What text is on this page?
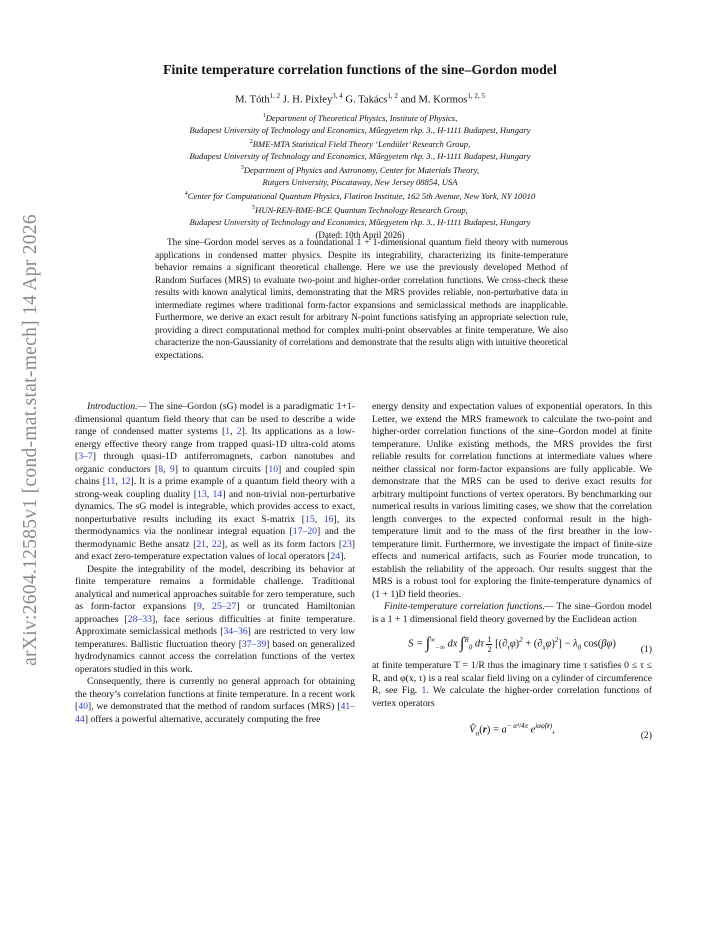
arXiv:2604.12585v1 [cond-mat.stat-mech] 14 Apr 2026

Finite temperature correlation functions of the sine–Gordon model

M. Tóth$^{1, 2}$ J. H. Pixley$^{3, 4}$ G. Takács$^{1, 2}$ and M. Kormos$^{1, 2, 5}$

$^1$Department of Theoretical Physics, Institute of Physics,

Budapest University of Technology and Economics, Műegyetem rkp. 3., H-1111 Budapest, Hungary

$^2$BME-MTA Statistical Field Theory ‘Lendület’ Research Group,

Budapest University of Technology and Economics, Műegyetem rkp. 3., H-1111 Budapest, Hungary

$^3$Department of Physics and Astronomy, Center for Materials Theory,

Rutgers University, Piscataway, New Jersey 08854, USA

$^4$Center for Computational Quantum Physics, Flatiron Institute, 162 5th Avenue, New York, NY 10010

$^5$HUN-REN-BME-BCE Quantum Technology Research Group,

Budapest University of Technology and Economics, Műegyetem rkp. 3., H-1111 Budapest, Hungary

(Dated: 10th April 2026)

The sine–Gordon model serves as a foundational 1 + 1-dimensional quantum field theory with numerous applications in condensed matter physics. Despite its integrability, characterizing its finite-temperature behavior remains a significant theoretical challenge. Here we use the previously developed Method of Random Surfaces (MRS) to evaluate two-point and higher-order correlation functions. We cross-check these results with known analytical limits, demonstrating that the MRS provides reliable, non-perturbative data in intermediate regimes where traditional form-factor expansions and semiclassical methods are inapplicable. Furthermore, we derive an exact result for arbitrary N-point functions satisfying an appropriate selection rule, providing a direct computational method for complex multi-point observables at finite temperature. We also characterize the non-Gaussianity of correlations and demonstrate that the results align with intuitive theoretical expectations.

Introduction.— The sine–Gordon (sG) model is a paradigmatic 1+1-dimensional quantum field theory that can be used to describe a wide range of condensed matter systems [1, 2]. Its applications as a low-energy effective theory range from trapped quasi-1D ultra-cold atoms [3–7] through quasi-1D antiferromagnets, carbon nanotubes and organic conductors [8, 9] to quantum circuits [10] and coupled spin chains [11, 12]. It is a prime example of a quantum field theory with a strong-weak coupling duality [13, 14] and non-trivial non-perturbative dynamics. The sG model is integrable, which provides access to exact, nonperturbative results including its exact S-matrix [15, 16], its thermodynamics via the nonlinear integral equation [17–20] and the thermodynamic Bethe ansatz [21, 22], as well as its form factors [23] and exact zero-temperature expectation values of local operators [24].

Despite the integrability of the model, describing its behavior at finite temperature remains a formidable challenge. Traditional analytical and numerical approaches suitable for zero temperature, such as form-factor expansions [9, 25–27] or truncated Hamiltonian approaches [28–33], face serious difficulties at finite temperature. Approximate semiclassical methods [34–36] are restricted to very low temperatures. Ballistic fluctuation theory [37–39] based on generalized hydrodynamics cannot access the correlation functions of the vertex operators studied in this work.

Consequently, there is currently no general approach for obtaining the theory’s correlation functions at finite temperature. In a recent work [40], we demonstrated that the method of random surfaces (MRS) [41–44] offers a powerful alternative, accurately computing the free

energy density and expectation values of exponential operators. In this Letter, we extend the MRS framework to calculate the two-point and higher-order correlation functions of the sine–Gordon model at finite temperature. Unlike existing methods, the MRS provides the first reliable results for correlation functions at intermediate values where neither classical nor form-factor expansions are fully applicable. We demonstrate that the MRS can be used to derive exact results for arbitrary multipoint functions of vertex operators. By benchmarking our numerical results in various limiting cases, we show that the correlation length converges to the expected conformal result in the high-temperature limit and to the mass of the first breather in the low-temperature limit. Furthermore, we investigate the impact of finite-size effects and numerical artifacts, such as Fourier mode truncation, to establish the reliability of the approach. Our results suggest that the MRS is a robust tool for exploring the finite-temperature dynamics of (1 + 1)D field theories.

Finite-temperature correlation functions.— The sine–Gordon model is a 1 + 1 dimensional field theory governed by the Euclidean action

$S = \int^\infty_{-\infty}$ dx ∫$^R_0$ dτ $\frac{1}{2} [(\partial_\tau\varphi)^2 + (\partial_x\varphi)^2] - \lambda_0$ cos(βφ)	(1)

at finite temperature T = 1/R thus the imaginary time τ satisfies 0 ≤ τ ≤ R, and φ(x, τ) is a real scalar field living on a cylinder of circumference R, see Fig. 1. We calculate the higher-order correlation functions of vertex operators

$V̂_\alpha(r) = a^{- \alpha^2/4\pi}$ $e^{i\alpha\varphî(r)}$,	(2)
